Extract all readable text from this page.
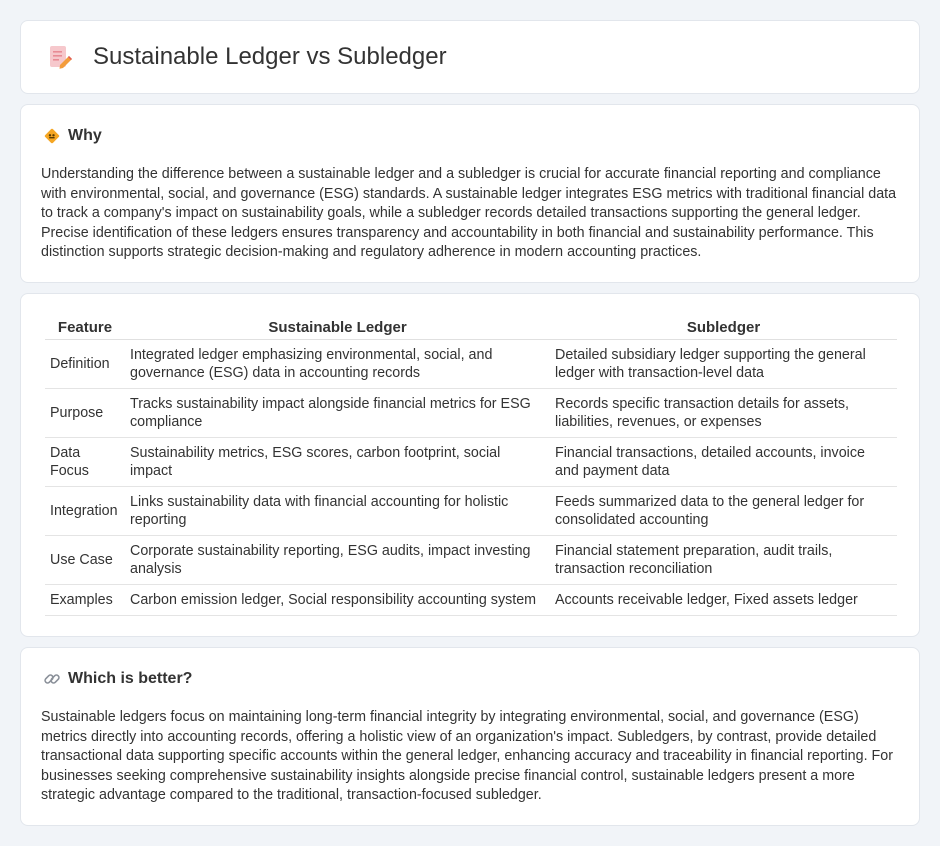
Sustainable Ledger vs Subledger
Why

Understanding the difference between a sustainable ledger and a subledger is crucial for accurate financial reporting and compliance with environmental, social, and governance (ESG) standards. A sustainable ledger integrates ESG metrics with traditional financial data to track a company's impact on sustainability goals, while a subledger records detailed transactions supporting the general ledger. Precise identification of these ledgers ensures transparency and accountability in both financial and sustainability performance. This distinction supports strategic decision-making and regulatory adherence in modern accounting practices.

Feature	Sustainable Ledger	Subledger
Definition	Integrated ledger emphasizing environmental, social, and governance (ESG) data in accounting records	Detailed subsidiary ledger supporting the general ledger with transaction-level data
Purpose	Tracks sustainability impact alongside financial metrics for ESG compliance	Records specific transaction details for assets, liabilities, revenues, or expenses
Data Focus	Sustainability metrics, ESG scores, carbon footprint, social impact	Financial transactions, detailed accounts, invoice and payment data
Integration	Links sustainability data with financial accounting for holistic reporting	Feeds summarized data to the general ledger for consolidated accounting
Use Case	Corporate sustainability reporting, ESG audits, impact investing analysis	Financial statement preparation, audit trails, transaction reconciliation
Examples	Carbon emission ledger, Social responsibility accounting system	Accounts receivable ledger, Fixed assets ledger
Which is better?

Sustainable ledgers focus on maintaining long-term financial integrity by integrating environmental, social, and governance (ESG) metrics directly into accounting records, offering a holistic view of an organization's impact. Subledgers, by contrast, provide detailed transactional data supporting specific accounts within the general ledger, enhancing accuracy and traceability in financial reporting. For businesses seeking comprehensive sustainability insights alongside precise financial control, sustainable ledgers present a more strategic advantage compared to the traditional, transaction-focused subledger.
